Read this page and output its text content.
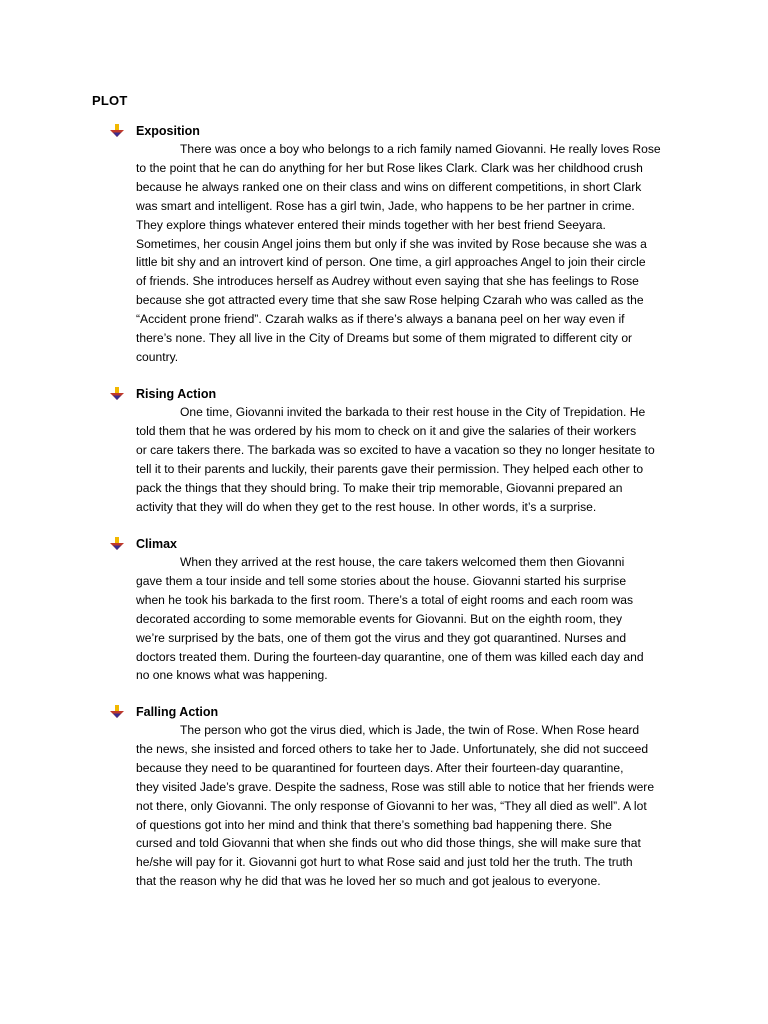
PLOT
Exposition
There was once a boy who belongs to a rich family named Giovanni. He really loves Rose
to the point that he can do anything for her but Rose likes Clark. Clark was her childhood crush
because he always ranked one on their class and wins on different competitions, in short Clark
was smart and intelligent. Rose has a girl twin, Jade, who happens to be her partner in crime.
They explore things whatever entered their minds together with her best friend Seeyara.
Sometimes, her cousin Angel joins them but only if she was invited by Rose because she was a
little bit shy and an introvert kind of person. One time, a girl approaches Angel to join their circle
of friends. She introduces herself as Audrey without even saying that she has feelings to Rose
because she got attracted every time that she saw Rose helping Czarah who was called as the
“Accident prone friend”. Czarah walks as if there’s always a banana peel on her way even if
there’s none. They all live in the City of Dreams but some of them migrated to different city or
country.
Rising Action
One time, Giovanni invited the barkada to their rest house in the City of Trepidation. He
told them that he was ordered by his mom to check on it and give the salaries of their workers
or care takers there. The barkada was so excited to have a vacation so they no longer hesitate to
tell it to their parents and luckily, their parents gave their permission. They helped each other to
pack the things that they should bring. To make their trip memorable, Giovanni prepared an
activity that they will do when they get to the rest house. In other words, it’s a surprise.
Climax
When they arrived at the rest house, the care takers welcomed them then Giovanni
gave them a tour inside and tell some stories about the house. Giovanni started his surprise
when he took his barkada to the first room. There’s a total of eight rooms and each room was
decorated according to some memorable events for Giovanni. But on the eighth room, they
we’re surprised by the bats, one of them got the virus and they got quarantined. Nurses and
doctors treated them. During the fourteen-day quarantine, one of them was killed each day and
no one knows what was happening.
Falling Action
The person who got the virus died, which is Jade, the twin of Rose. When Rose heard
the news, she insisted and forced others to take her to Jade. Unfortunately, she did not succeed
because they need to be quarantined for fourteen days. After their fourteen-day quarantine,
they visited Jade’s grave. Despite the sadness, Rose was still able to notice that her friends were
not there, only Giovanni. The only response of Giovanni to her was, “They all died as well”. A lot
of questions got into her mind and think that there’s something bad happening there. She
cursed and told Giovanni that when she finds out who did those things, she will make sure that
he/she will pay for it. Giovanni got hurt to what Rose said and just told her the truth. The truth
that the reason why he did that was he loved her so much and got jealous to everyone.
